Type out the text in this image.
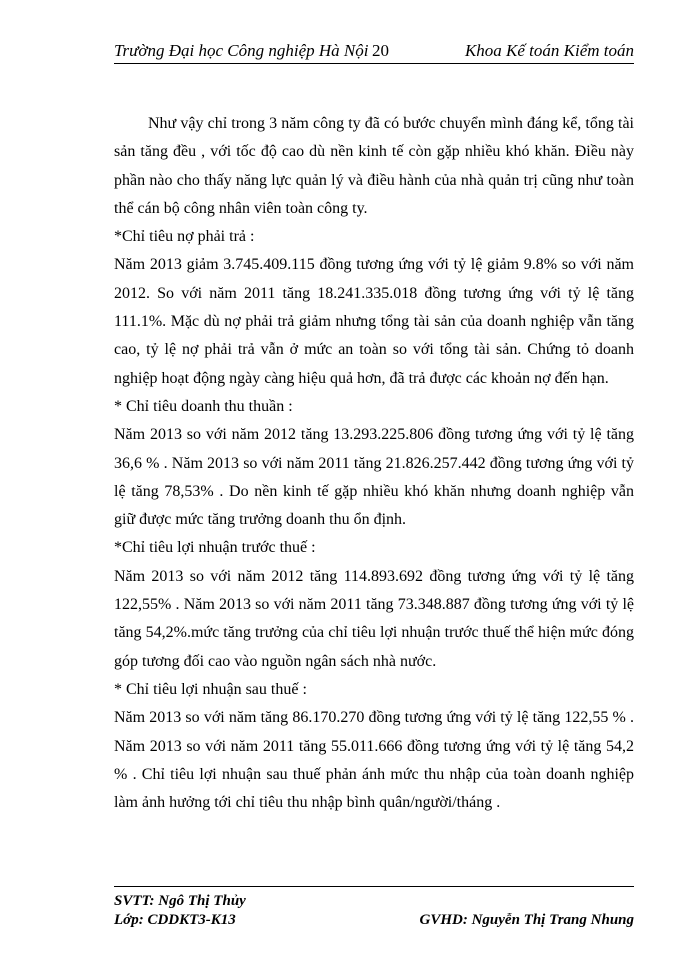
Trường Đại học Công nghiệp Hà Nội 20	Khoa Kế toán Kiểm toán

Như vậy chỉ trong 3 năm công ty đã có bước chuyển mình đáng kể, tổng tài sản tăng đều , với tốc độ cao dù nền kinh tế còn gặp nhiều khó khăn. Điều này phần nào cho thấy năng lực quản lý và điều hành của nhà quản trị cũng như toàn thể cán bộ công nhân viên toàn công ty.

*Chỉ tiêu nợ phải trả :

Năm 2013 giảm 3.745.409.115 đồng tương ứng với tỷ lệ giảm 9.8% so với năm 2012. So với năm 2011 tăng 18.241.335.018 đồng tương ứng với tỷ lệ tăng 111.1%. Mặc dù nợ phải trả giảm nhưng tổng tài sản của doanh nghiệp vẫn tăng cao, tỷ lệ nợ phải trả vẫn ở mức an toàn so với tổng tài sản. Chứng tỏ doanh nghiệp hoạt động ngày càng hiệu quả hơn, đã trả được các khoản nợ đến hạn.

* Chỉ tiêu doanh thu thuần :

Năm 2013 so với năm 2012 tăng 13.293.225.806 đồng tương ứng với tỷ lệ tăng 36,6 % . Năm 2013 so với năm 2011 tăng 21.826.257.442 đồng tương ứng với tỷ lệ tăng 78,53% . Do nền kinh tế gặp nhiều khó khăn nhưng doanh nghiệp vẫn giữ được mức tăng trưởng doanh thu ổn định.

*Chỉ tiêu lợi nhuận trước thuế :

Năm 2013 so với năm 2012 tăng 114.893.692 đồng tương ứng với tỷ lệ tăng 122,55% . Năm 2013 so với năm 2011 tăng 73.348.887 đồng tương ứng với tỷ lệ tăng 54,2%.mức tăng trưởng của chỉ tiêu lợi nhuận trước thuế thể hiện mức đóng góp tương đối cao vào nguồn ngân sách nhà nước.

* Chỉ tiêu lợi nhuận sau thuế :

Năm 2013 so với năm tăng 86.170.270 đồng tương ứng với tỷ lệ tăng 122,55 % . Năm 2013 so với năm 2011 tăng 55.011.666 đồng tương ứng với tỷ lệ tăng 54,2 % . Chỉ tiêu lợi nhuận sau thuế phản ánh mức thu nhập của toàn doanh nghiệp làm ảnh hưởng tới chỉ tiêu thu nhập bình quân/người/tháng .

SVTT: Ngô Thị Thủy
Lớp: CDDKT3-K13	GVHD: Nguyễn Thị Trang Nhung
